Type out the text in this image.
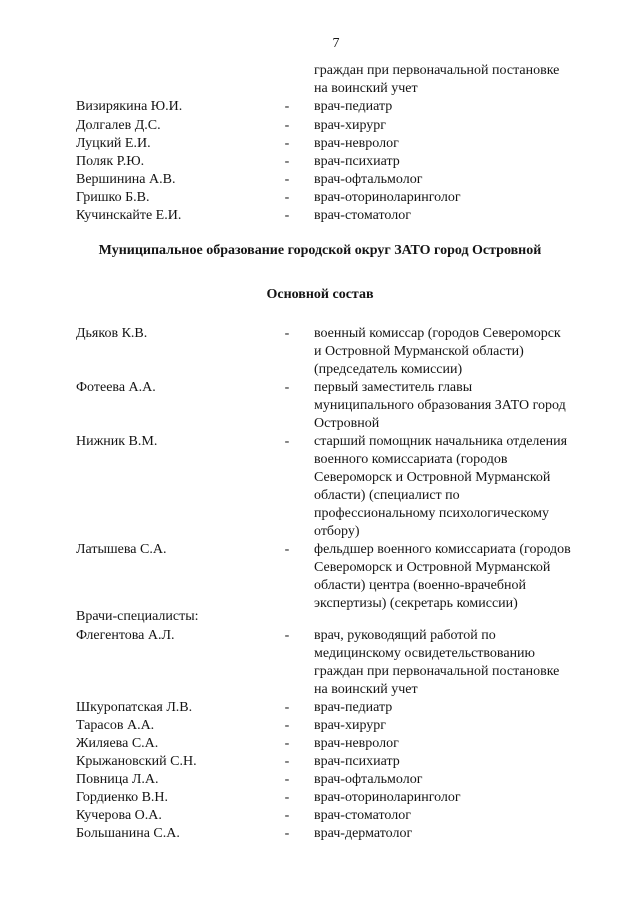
7
граждан при первоначальной постановке
на воинский учет
Визирякина Ю.И.	- врач-педиатр
Долгалев Д.С.	- врач-хирург
Луцкий Е.И.	- врач-невролог
Поляк Р.Ю.	- врач-психиатр
Вершинина А.В.	- врач-офтальмолог
Гришко Б.В.	- врач-оториноларинголог
Кучинскайте Е.И.	- врач-стоматолог
Муниципальное образование городской округ ЗАТО город Островной
Основной состав
Дьяков К.В.	- военный комиссар (городов Североморск
и Островной Мурманской области)
(председатель комиссии)
Фотеева А.А.	- первый заместитель главы
муниципального образования ЗАТО город
Островной
Нижник В.М.	- старший помощник начальника отделения
военного комиссариата (городов
Североморск и Островной Мурманской
области) (специалист по
профессиональному психологическому
отбору)
Латышева С.А.	- фельдшер военного комиссариата (городов
Североморск и Островной Мурманской
области) центра (военно-врачебной
экспертизы) (секретарь комиссии)
Врачи-специалисты:
Флегентова А.Л.	- врач, руководящий работой по
медицинскому освидетельствованию
граждан при первоначальной постановке
на воинский учет
Шкуропатская Л.В.	- врач-педиатр
Тарасов А.А.	- врач-хирург
Жиляева С.А.	- врач-невролог
Крыжановский С.Н.	- врач-психиатр
Повница Л.А.	- врач-офтальмолог
Гордиенко В.Н.	- врач-оториноларинголог
Кучерова О.А.	- врач-стоматолог
Большанина С.А.	- врач-дерматолог
